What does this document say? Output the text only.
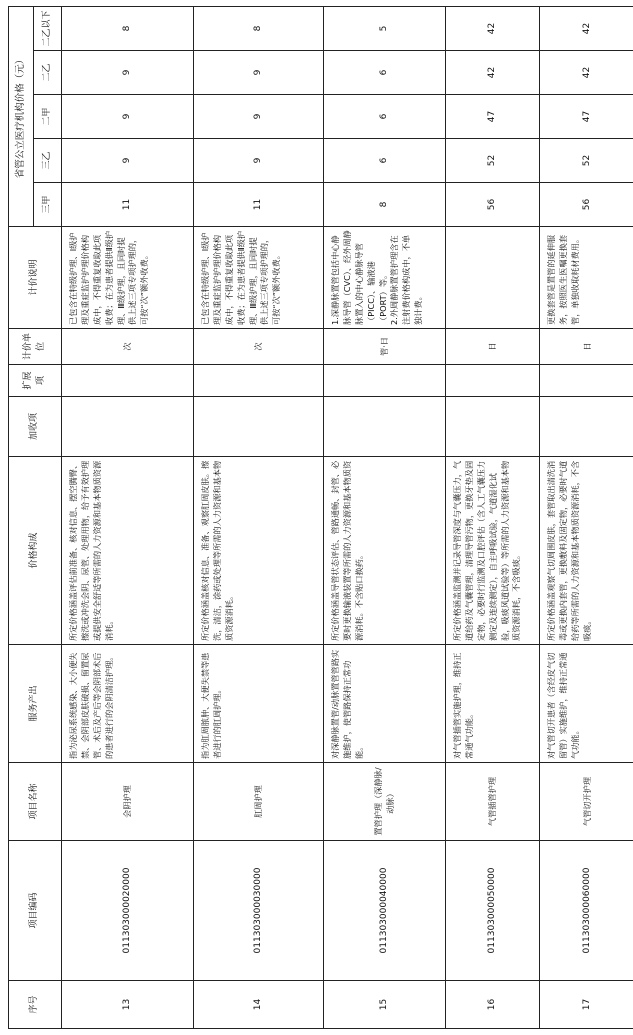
序号	项目编码	项目名称	服务产出	价格构成	加收项	扩展项	计价单位	计价说明	省管公立医疗机构价格（元）				
									三甲	三乙	二甲	二乙	二乙以下
13	011303000020000	会阴护理	指为泌尿系统感染、大小便失禁、会阴部皮肤破损、留置尿管、术后及产后等会阴部术后的患者进行的会阴清洁护理。	所定价格涵盖评估前准备、核对信息、摆空腾臀、擦洗或冲洗会阴、尿管、处理用物，给予有效护理或提供安全舒适等所需的人力资源和基本物质资源消耗。			次	已包含在特级护理、Ⅰ级护理及重症监护护理价格构成中，不得重复收取此项收费；在为患者提供Ⅱ级护理、Ⅲ级护理，且同时提供上述三项专项护理的，可按“次”额外收费。	11	9	9	9	8
14	011303000030000	肛周护理	指为肛周脓肿、大便失禁等患者进行的肛周护理。	所定价格涵盖核对信息、准备、观察肛周皮肤。擦洗，清洁，涂药或处理等所需的人力资源和基本物质资源消耗。			次	已包含在特级护理、Ⅰ级护理及重症监护护理价格构成中，不得重复收取此项收费；在为患者提供Ⅱ级护理、Ⅲ级护理，且同时提供上述三项专项护理的，可按“次”额外收费。	11	9	9	9	8
15	011303000040000	置管护理（深静脉/动脉）	对深静脉置管/动脉置管管路实施维护，使管路保持正常功能。	所定价格涵盖导管状态评估、管路通畅、封管、必要时更换输液装置等所需的人力资源和基本物质资源消耗。不含贴口换药。			管·日	1.深静脉置管包括中心静脉导管（CVC）、经外周静脉置入的中心静脉导管（PICC）、输液港（PORT）等。 2.外周静脉置管护理含在注射费价格构成中，不单独计费。	8	6	6	6	5
16	011303000050000	气管插管护理	对气管插管实施护理，维持正常通气功能。	所定价格涵盖监测并记录导管深度与气囊压力，气道给药及气囊管理，清理导管污物，更换牙垫及固定物，必要时行监测及口腔评估（含人工气囊压力测定及连续测定），自主呼吸试验，气道湿化试验，吸痰风道试验等）等所需的人力资源和基本物质资源消耗，不含吸痰。			日		56	52	47	42	42
17	011303000060000	气管切开护理	对气管切开患者（含经皮气切留管）实施维护，维持正常通气功能。	所定价格涵盖观察气切周围皮肤，套管取出清洗消毒或更换内套管，更换敷料及固定物，必要时气道给药等所需的人力资源和基本物质资源消耗，不含吸痰。			日	更换套管是置管的延伸服务，按照医生医嘱更换套管，单独收取耗材费用。	56	52	47	42	42
